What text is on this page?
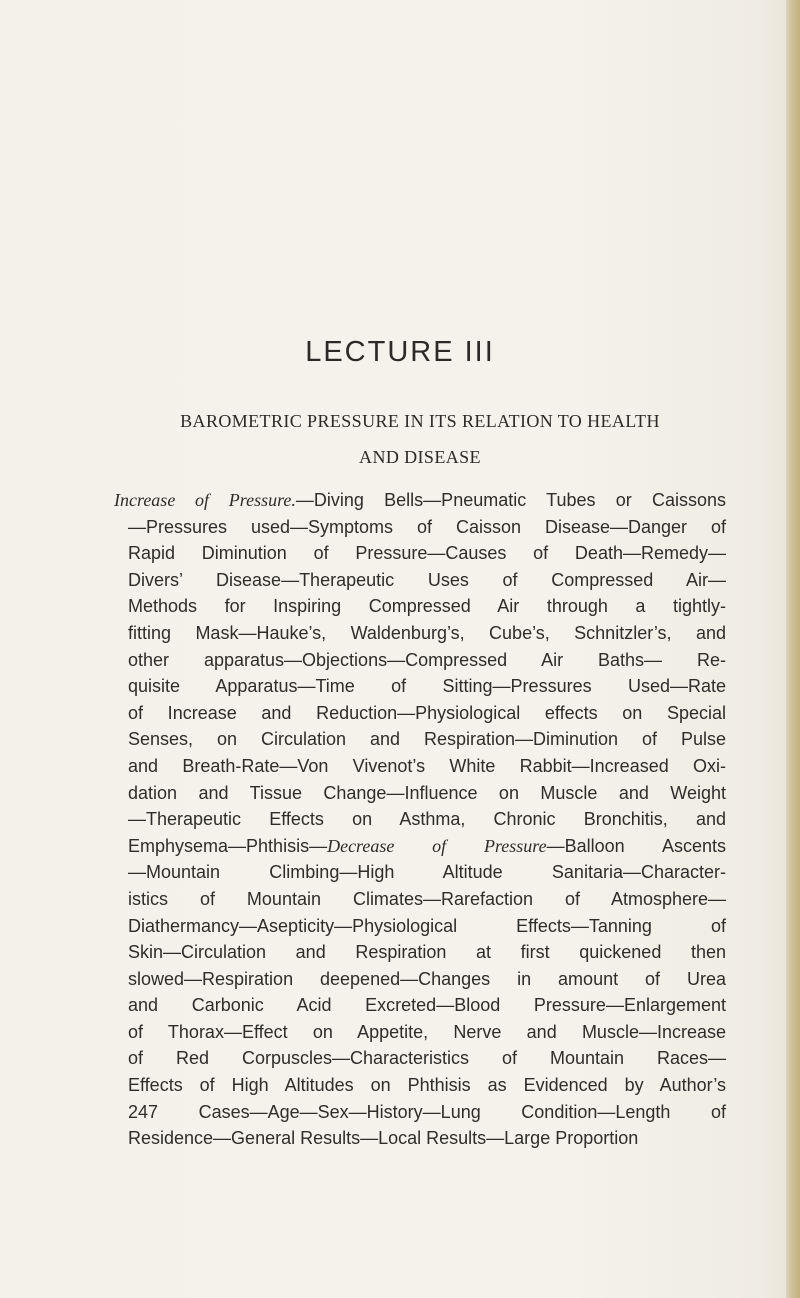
LECTURE III
BAROMETRIC PRESSURE IN ITS RELATION TO HEALTH
AND DISEASE
Increase of Pressure.—Diving Bells—Pneumatic Tubes or Caissons
—Pressures used—Symptoms of Caisson Disease—Danger of
Rapid Diminution of Pressure—Causes of Death—Remedy—
Divers’ Disease—Therapeutic Uses of Compressed Air—
Methods for Inspiring Compressed Air through a tightly-
fitting Mask—Hauke’s, Waldenburg’s, Cube’s, Schnitzler’s, and
other apparatus—Objections—Compressed Air Baths— Re-
quisite Apparatus—Time of Sitting—Pressures Used—Rate
of Increase and Reduction—Physiological effects on Special
Senses, on Circulation and Respiration—Diminution of Pulse
and Breath-Rate—Von Vivenot’s White Rabbit—Increased Oxi-
dation and Tissue Change—Influence on Muscle and Weight
—Therapeutic Effects on Asthma, Chronic Bronchitis, and
Emphysema—Phthisis—Decrease of Pressure—Balloon Ascents
—Mountain Climbing—High Altitude Sanitaria—Character-
istics of Mountain Climates—Rarefaction of Atmosphere—
Diathermancy—Asepticity—Physiological Effects—Tanning of
Skin—Circulation and Respiration at first quickened then
slowed—Respiration deepened—Changes in amount of Urea
and Carbonic Acid Excreted—Blood Pressure—Enlargement
of Thorax—Effect on Appetite, Nerve and Muscle—Increase
of Red Corpuscles—Characteristics of Mountain Races—
Effects of High Altitudes on Phthisis as Evidenced by Author’s
247 Cases—Age—Sex—History—Lung Condition—Length of
Residence—General Results—Local Results—Large Proportion
